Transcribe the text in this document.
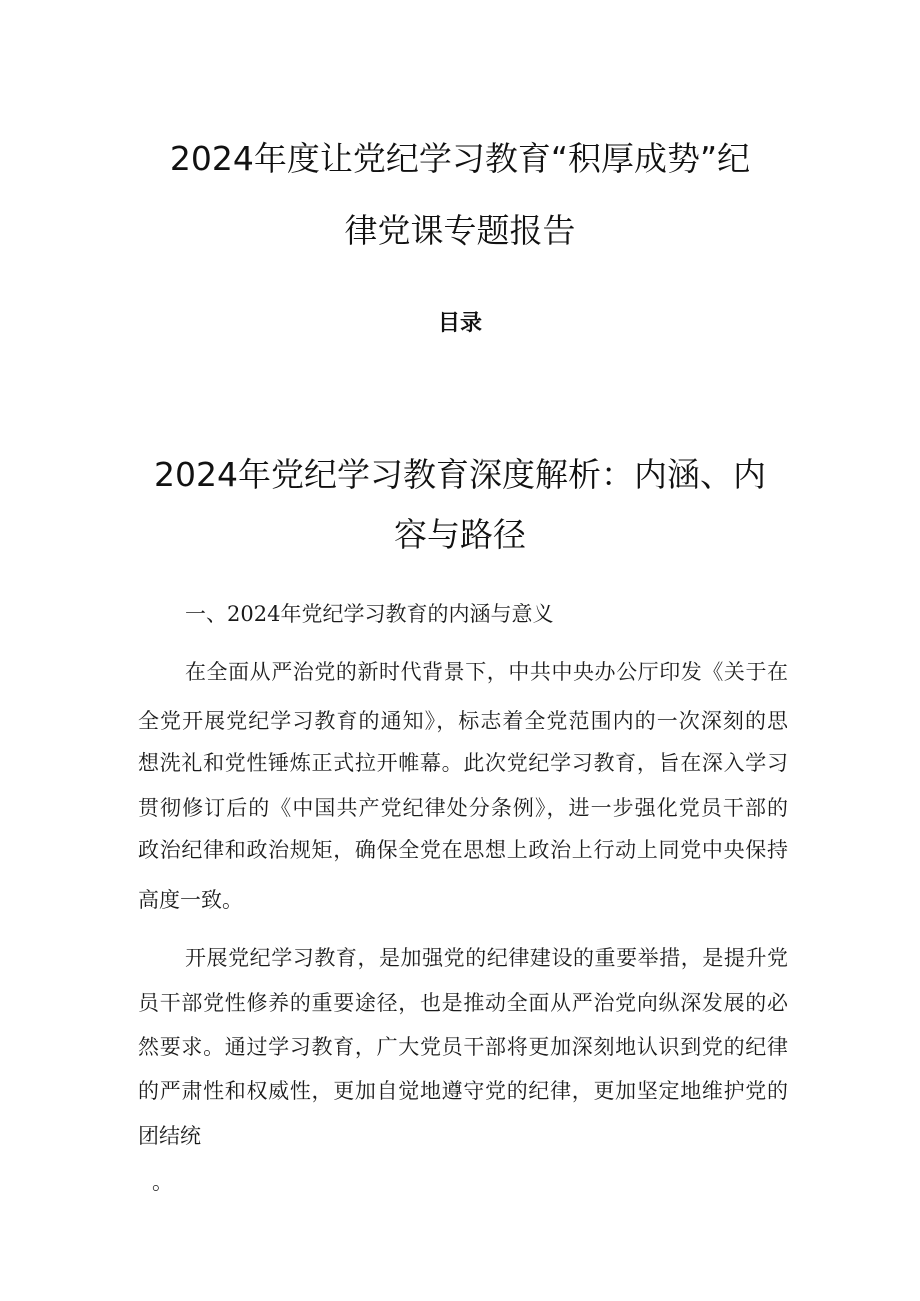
2024年度让党纪学习教育“积厚成势”纪
律党课专题报告
目录
2024年党纪学习教育深度解析：内涵、内
容与路径
一、2024年党纪学习教育的内涵与意义
在全面从严治党的新时代背景下，中共中央办公厅印发《关于在
全党开展党纪学习教育的通知》，标志着全党范围内的一次深刻的思
想洗礼和党性锤炼正式拉开帷幕。此次党纪学习教育，旨在深入学习
贯彻修订后的《中国共产党纪律处分条例》，进一步强化党员干部的
政治纪律和政治规矩，确保全党在思想上政治上行动上同党中央保持
高度一致。
开展党纪学习教育，是加强党的纪律建设的重要举措，是提升党
员干部党性修养的重要途径，也是推动全面从严治党向纵深发展的必
然要求。通过学习教育，广大党员干部将更加深刻地认识到党的纪律
的严肃性和权威性，更加自觉地遵守党的纪律，更加坚定地维护党的
团结统
。
